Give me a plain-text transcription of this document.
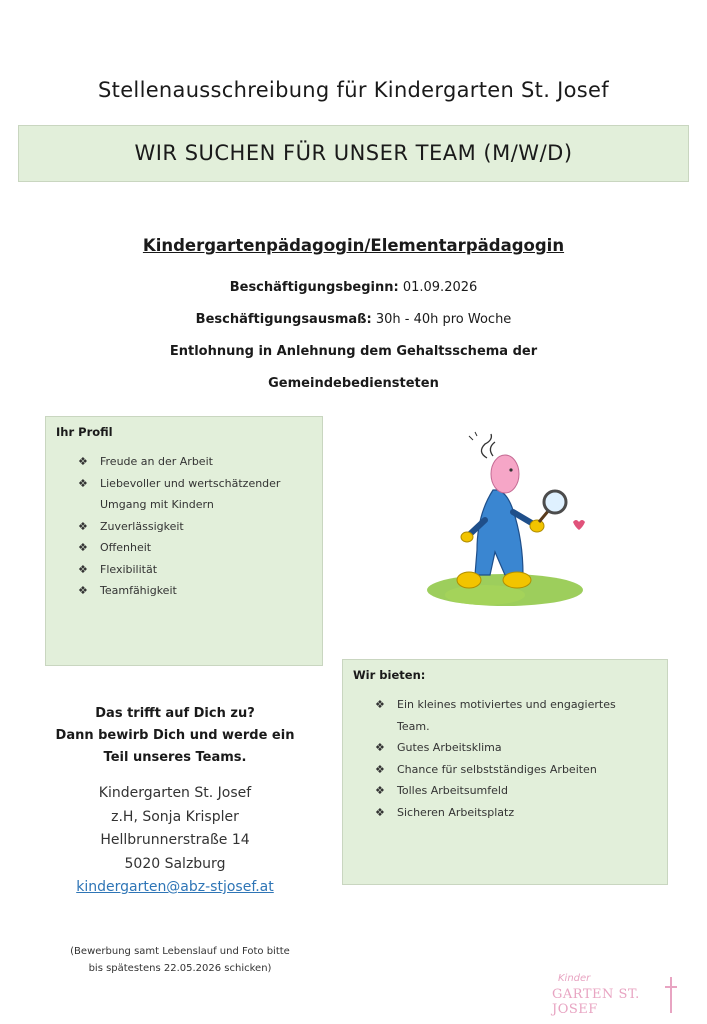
Stellenausschreibung für Kindergarten St. Josef
WIR SUCHEN FÜR UNSER TEAM (M/W/D)
Kindergartenpädagogin/Elementarpädagogin
Beschäftigungsbeginn: 01.09.2026
Beschäftigungsausmaß: 30h - 40h pro Woche
Entlohnung in Anlehnung dem Gehaltsschema der
Gemeindebediensteten
Ihr Profil
❖ Freude an der Arbeit
❖ Liebevoller und wertschätzender
Umgang mit Kindern
❖ Zuverlässigkeit
❖ Offenheit
❖ Flexibilität
❖ Teamfähigkeit
Wir bieten:
❖ Ein kleines motiviertes und engagiertes
Team.
❖ Gutes Arbeitsklima
❖ Chance für selbstständiges Arbeiten
❖ Tolles Arbeitsumfeld
❖ Sicheren Arbeitsplatz
Das trifft auf Dich zu?
Dann bewirb Dich und werde ein
Teil unseres Teams.
Kindergarten St. Josef
z.H, Sonja Krispler
Hellbrunnerstraße 14
5020 Salzburg
kindergarten@abz-stjosef.at
(Bewerbung samt Lebenslauf und Foto bitte
bis spätestens 22.05.2026 schicken)
Kinder
GARTEN ST. JOSEF
